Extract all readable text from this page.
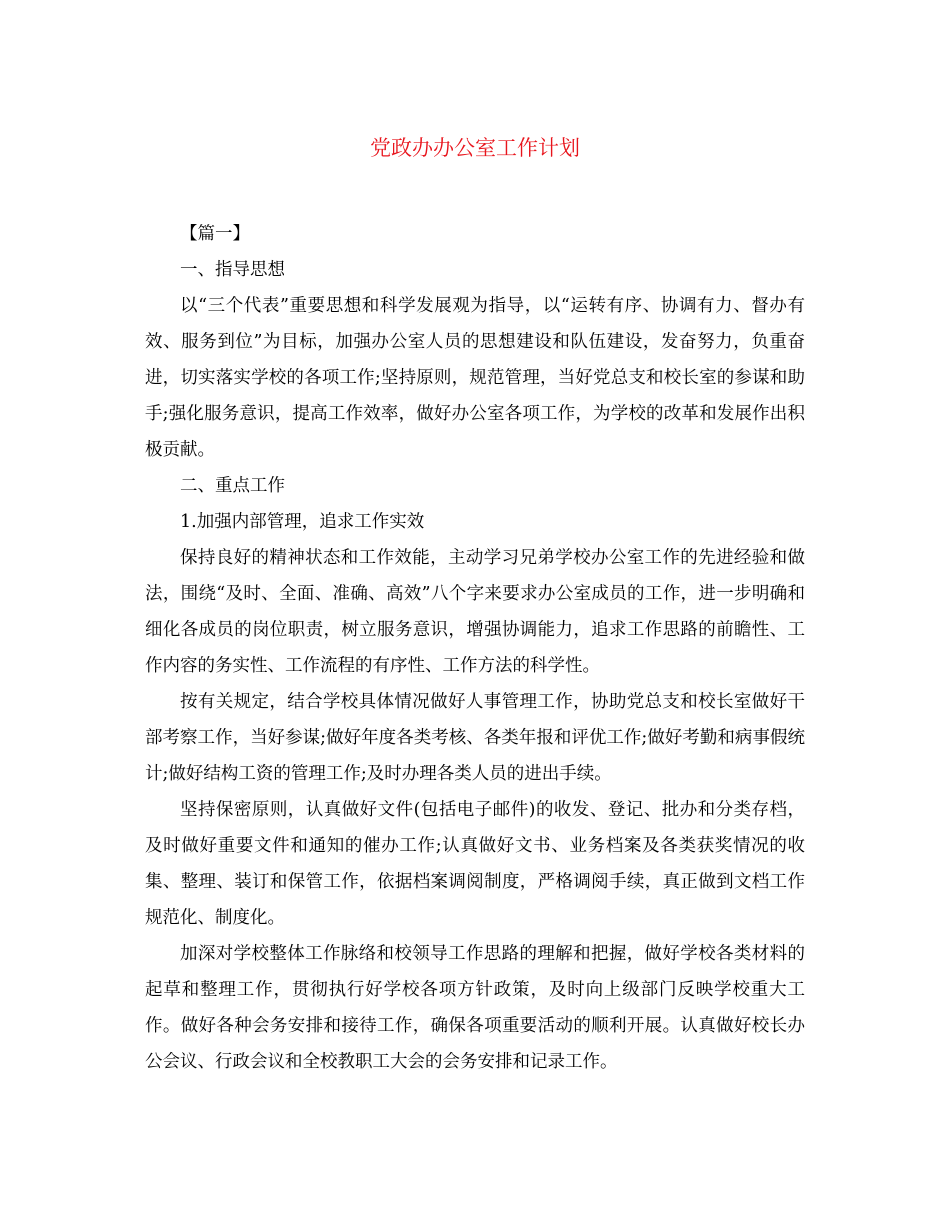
党政办办公室工作计划

【篇一】

一、指导思想

以“三个代表”重要思想和科学发展观为指导，以“运转有序、协调有力、督办有效、服务到位”为目标，加强办公室人员的思想建设和队伍建设，发奋努力，负重奋进，切实落实学校的各项工作;坚持原则，规范管理，当好党总支和校长室的参谋和助手;强化服务意识，提高工作效率，做好办公室各项工作，为学校的改革和发展作出积极贡献。

二、重点工作

1.加强内部管理，追求工作实效

保持良好的精神状态和工作效能，主动学习兄弟学校办公室工作的先进经验和做法，围绕“及时、全面、准确、高效”八个字来要求办公室成员的工作，进一步明确和细化各成员的岗位职责，树立服务意识，增强协调能力，追求工作思路的前瞻性、工作内容的务实性、工作流程的有序性、工作方法的科学性。

按有关规定，结合学校具体情况做好人事管理工作，协助党总支和校长室做好干部考察工作，当好参谋;做好年度各类考核、各类年报和评优工作;做好考勤和病事假统计;做好结构工资的管理工作;及时办理各类人员的进出手续。

坚持保密原则，认真做好文件(包括电子邮件)的收发、登记、批办和分类存档，及时做好重要文件和通知的催办工作;认真做好文书、业务档案及各类获奖情况的收集、整理、装订和保管工作，依据档案调阅制度，严格调阅手续，真正做到文档工作规范化、制度化。

加深对学校整体工作脉络和校领导工作思路的理解和把握，做好学校各类材料的起草和整理工作，贯彻执行好学校各项方针政策，及时向上级部门反映学校重大工作。做好各种会务安排和接待工作，确保各项重要活动的顺利开展。认真做好校长办公会议、行政会议和全校教职工大会的会务安排和记录工作。
